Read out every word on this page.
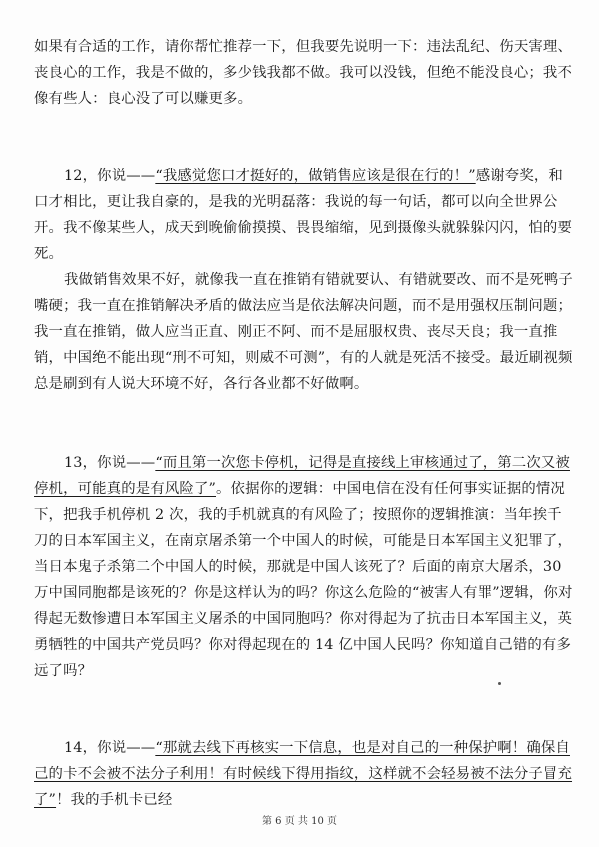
如果有合适的工作，请你帮忙推荐一下，但我要先说明一下：违法乱纪、伤天害理、丧良心的工作，我是不做的，多少钱我都不做。我可以没钱，但绝不能没良心；我不像有些人：良心没了可以赚更多。

12，你说——“我感觉您口才挺好的，做销售应该是很在行的！”感谢夸奖，和口才相比，更让我自豪的，是我的光明磊落：我说的每一句话，都可以向全世界公开。我不像某些人，成天到晚偷偷摸摸、畏畏缩缩，见到摄像头就躲躲闪闪，怕的要死。

我做销售效果不好，就像我一直在推销有错就要认、有错就要改、而不是死鸭子嘴硬；我一直在推销解决矛盾的做法应当是依法解决问题，而不是用强权压制问题；我一直在推销，做人应当正直、刚正不阿、而不是屈服权贵、丧尽天良；我一直推销，中国绝不能出现“刑不可知，则威不可测”，有的人就是死活不接受。最近刷视频总是刷到有人说大环境不好，各行各业都不好做啊。

13，你说——“而且第一次您卡停机，记得是直接线上审核通过了，第二次又被停机，可能真的是有风险了”。依据你的逻辑：中国电信在没有任何事实证据的情况下，把我手机停机 2 次，我的手机就真的有风险了；按照你的逻辑推演：当年挨千刀的日本军国主义，在南京屠杀第一个中国人的时候，可能是日本军国主义犯罪了，当日本鬼子杀第二个中国人的时候，那就是中国人该死了？后面的南京大屠杀，30 万中国同胞都是该死的？你是这样认为的吗？你这么危险的“被害人有罪”逻辑，你对得起无数惨遭日本军国主义屠杀的中国同胞吗？你对得起为了抗击日本军国主义，英勇牺牲的中国共产党员吗？你对得起现在的 14 亿中国人民吗？你知道自己错的有多远了吗？

14，你说——“那就去线下再核实一下信息，也是对自己的一种保护啊！确保自己的卡不会被不法分子利用！有时候线下得用指纹，这样就不会轻易被不法分子冒充了”！我的手机卡已经

第 6 页 共 10 页
